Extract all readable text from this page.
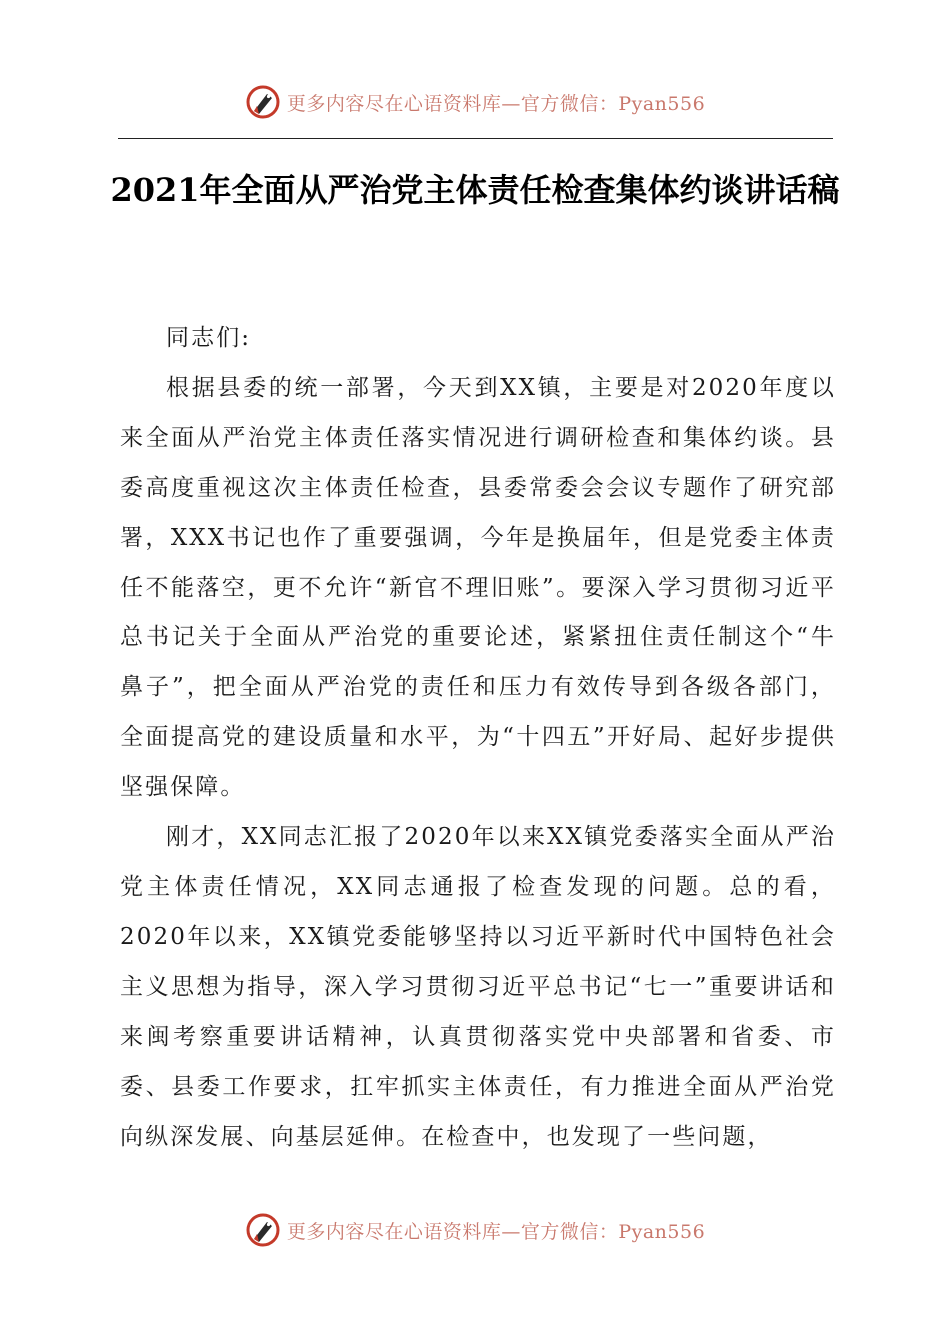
更多内容尽在心语资料库—官方微信：Pyan556
2021年全面从严治党主体责任检查集体约谈讲话稿

同志们:

根据县委的统一部署，今天到XX镇，主要是对2020年度以来全面从严治党主体责任落实情况进行调研检查和集体约谈。县委高度重视这次主体责任检查，县委常委会会议专题作了研究部署，XXX书记也作了重要强调，今年是换届年，但是党委主体责任不能落空，更不允许“新官不理旧账”。要深入学习贯彻习近平总书记关于全面从严治党的重要论述，紧紧扭住责任制这个“牛鼻子”，把全面从严治党的责任和压力有效传导到各级各部门，全面提高党的建设质量和水平，为“十四五”开好局、起好步提供坚强保障。

刚才，XX同志汇报了2020年以来XX镇党委落实全面从严治党主体责任情况，XX同志通报了检查发现的问题。总的看，2020年以来，XX镇党委能够坚持以习近平新时代中国特色社会主义思想为指导，深入学习贯彻习近平总书记“七一”重要讲话和来闽考察重要讲话精神，认真贯彻落实党中央部署和省委、市委、县委工作要求，扛牢抓实主体责任，有力推进全面从严治党向纵深发展、向基层延伸。在检查中，也发现了一些问题，

更多内容尽在心语资料库—官方微信：Pyan556
